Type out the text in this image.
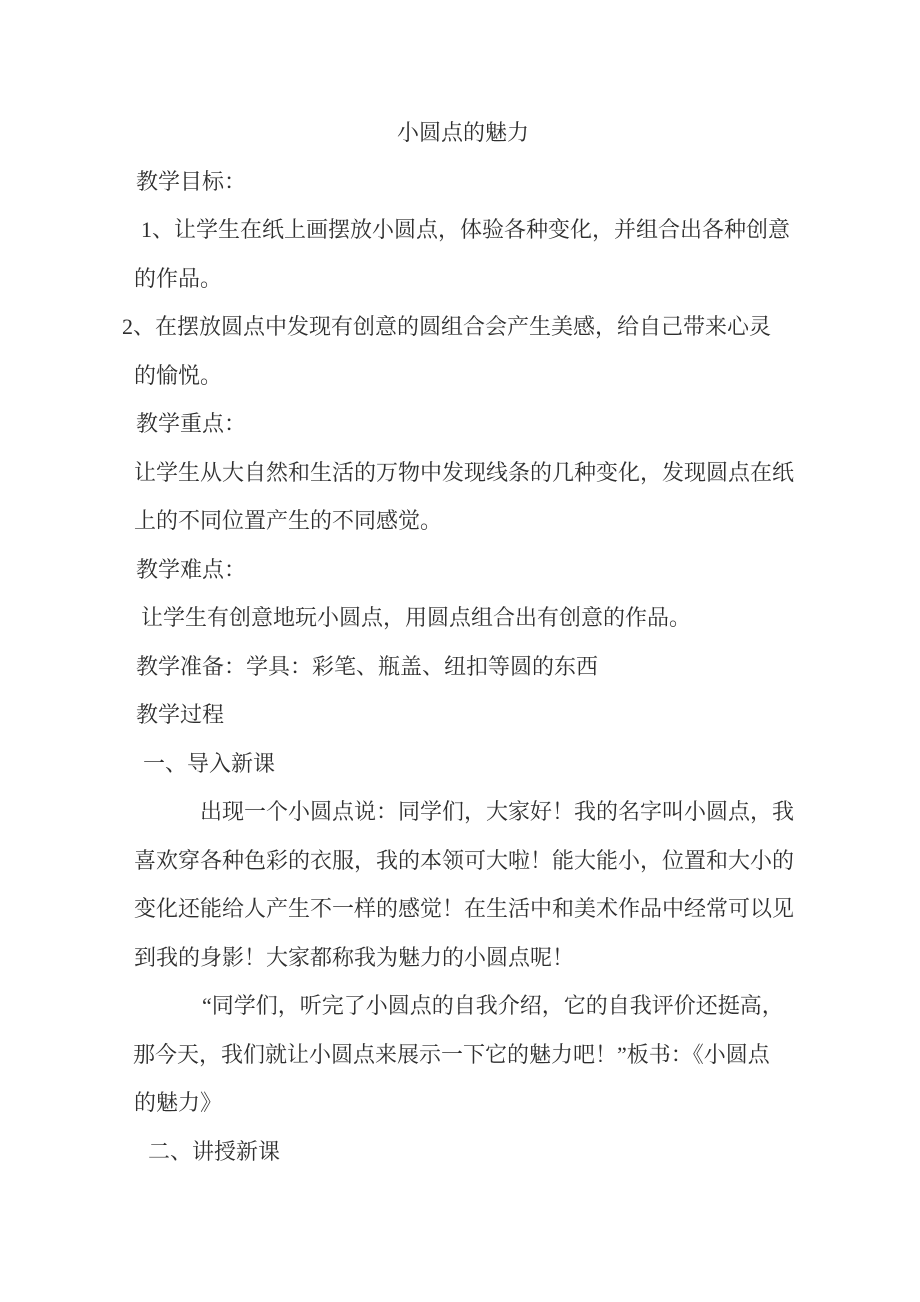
小圆点的魅力
教学目标：
1、让学生在纸上画摆放小圆点，体验各种变化，并组合出各种创意
的作品。
2、在摆放圆点中发现有创意的圆组合会产生美感，给自己带来心灵
的愉悦。
教学重点：
让学生从大自然和生活的万物中发现线条的几种变化，发现圆点在纸
上的不同位置产生的不同感觉。
教学难点：
让学生有创意地玩小圆点，用圆点组合出有创意的作品。
教学准备：学具：彩笔、瓶盖、纽扣等圆的东西
教学过程
一、导入新课
出现一个小圆点说：同学们，大家好！我的名字叫小圆点，我
喜欢穿各种色彩的衣服，我的本领可大啦！能大能小，位置和大小的
变化还能给人产生不一样的感觉！在生活中和美术作品中经常可以见
到我的身影！大家都称我为魅力的小圆点呢！
“同学们，听完了小圆点的自我介绍，它的自我评价还挺高，
那今天，我们就让小圆点来展示一下它的魅力吧！”板书：《小圆点
的魅力》
二、讲授新课
